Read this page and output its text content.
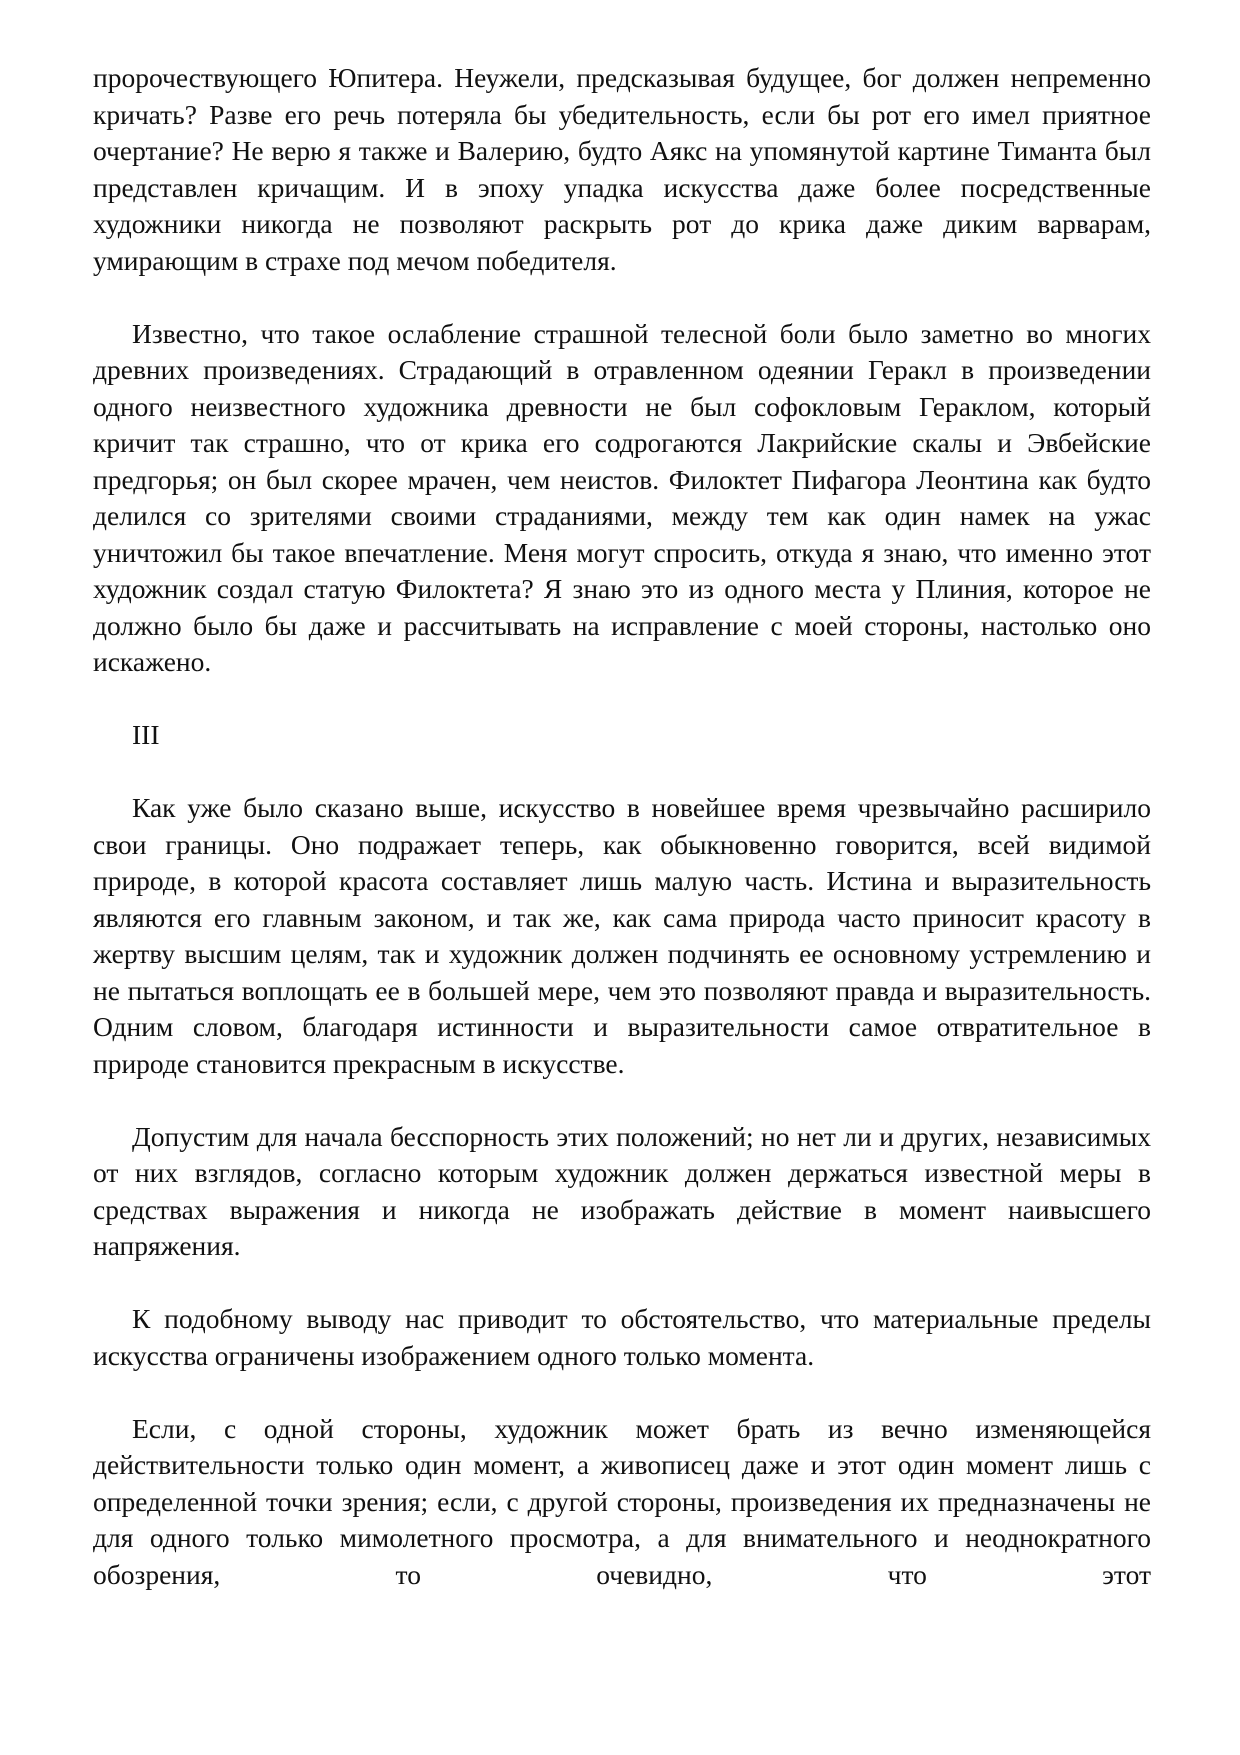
пророчествующего Юпитера. Неужели, предсказывая будущее, бог должен непременно кричать? Разве его речь потеряла бы убедительность, если бы рот его имел приятное очертание? Не верю я также и Валерию, будто Аякс на упомянутой картине Тиманта был представлен кричащим. И в эпоху упадка искусства даже более посредственные художники никогда не позволяют раскрыть рот до крика даже диким варварам, умирающим в страхе под мечом победителя.

Известно, что такое ослабление страшной телесной боли было заметно во многих древних произведениях. Страдающий в отравленном одеянии Геракл в произведении одного неизвестного художника древности не был софокловым Гераклом, который кричит так страшно, что от крика его содрогаются Лакрийские скалы и Эвбейские предгорья; он был скорее мрачен, чем неистов. Филоктет Пифагора Леонтина как будто делился со зрителями своими страданиями, между тем как один намек на ужас уничтожил бы такое впечатление. Меня могут спросить, откуда я знаю, что именно этот художник создал статую Филоктета? Я знаю это из одного места у Плиния, которое не должно было бы даже и рассчитывать на исправление с моей стороны, настолько оно искажено.

III

Как уже было сказано выше, искусство в новейшее время чрезвычайно расширило свои границы. Оно подражает теперь, как обыкновенно говорится, всей видимой природе, в которой красота составляет лишь малую часть. Истина и выразительность являются его главным законом, и так же, как сама природа часто приносит красоту в жертву высшим целям, так и художник должен подчинять ее основному устремлению и не пытаться воплощать ее в большей мере, чем это позволяют правда и выразительность. Одним словом, благодаря истинности и выразительности самое отвратительное в природе становится прекрасным в искусстве.

Допустим для начала бесспорность этих положений; но нет ли и других, независимых от них взглядов, согласно которым художник должен держаться известной меры в средствах выражения и никогда не изображать действие в момент наивысшего напряжения.

К подобному выводу нас приводит то обстоятельство, что материальные пределы искусства ограничены изображением одного только момента.

Если, с одной стороны, художник может брать из вечно изменяющейся действительности только один момент, а живописец даже и этот один момент лишь с определенной точки зрения; если, с другой стороны, произведения их предназначены не для одного только мимолетного просмотра, а для внимательного и неоднократного обозрения, то очевидно, что этот
